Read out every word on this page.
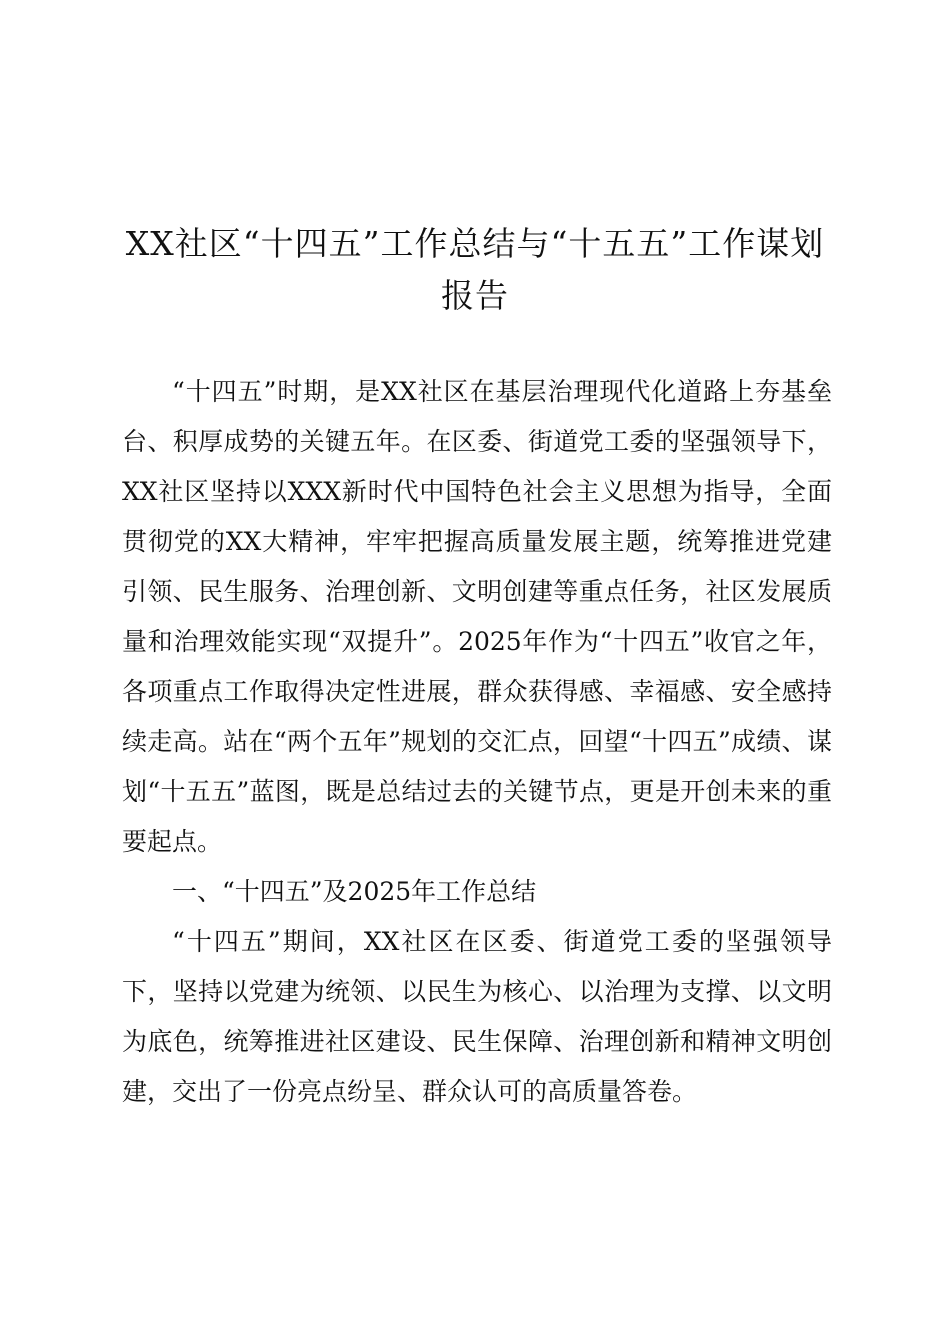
XX社区“十四五”工作总结与“十五五”工作谋划报告

“十四五”时期，是XX社区在基层治理现代化道路上夯基垒台、积厚成势的关键五年。在区委、街道党工委的坚强领导下，XX社区坚持以XXX新时代中国特色社会主义思想为指导，全面贯彻党的XX大精神，牢牢把握高质量发展主题，统筹推进党建引领、民生服务、治理创新、文明创建等重点任务，社区发展质量和治理效能实现“双提升”。2025年作为“十四五”收官之年，各项重点工作取得决定性进展，群众获得感、幸福感、安全感持续走高。站在“两个五年”规划的交汇点，回望“十四五”成绩、谋划“十五五”蓝图，既是总结过去的关键节点，更是开创未来的重要起点。

一、“十四五”及2025年工作总结

“十四五”期间，XX社区在区委、街道党工委的坚强领导下，坚持以党建为统领、以民生为核心、以治理为支撑、以文明为底色，统筹推进社区建设、民生保障、治理创新和精神文明创建，交出了一份亮点纷呈、群众认可的高质量答卷。
